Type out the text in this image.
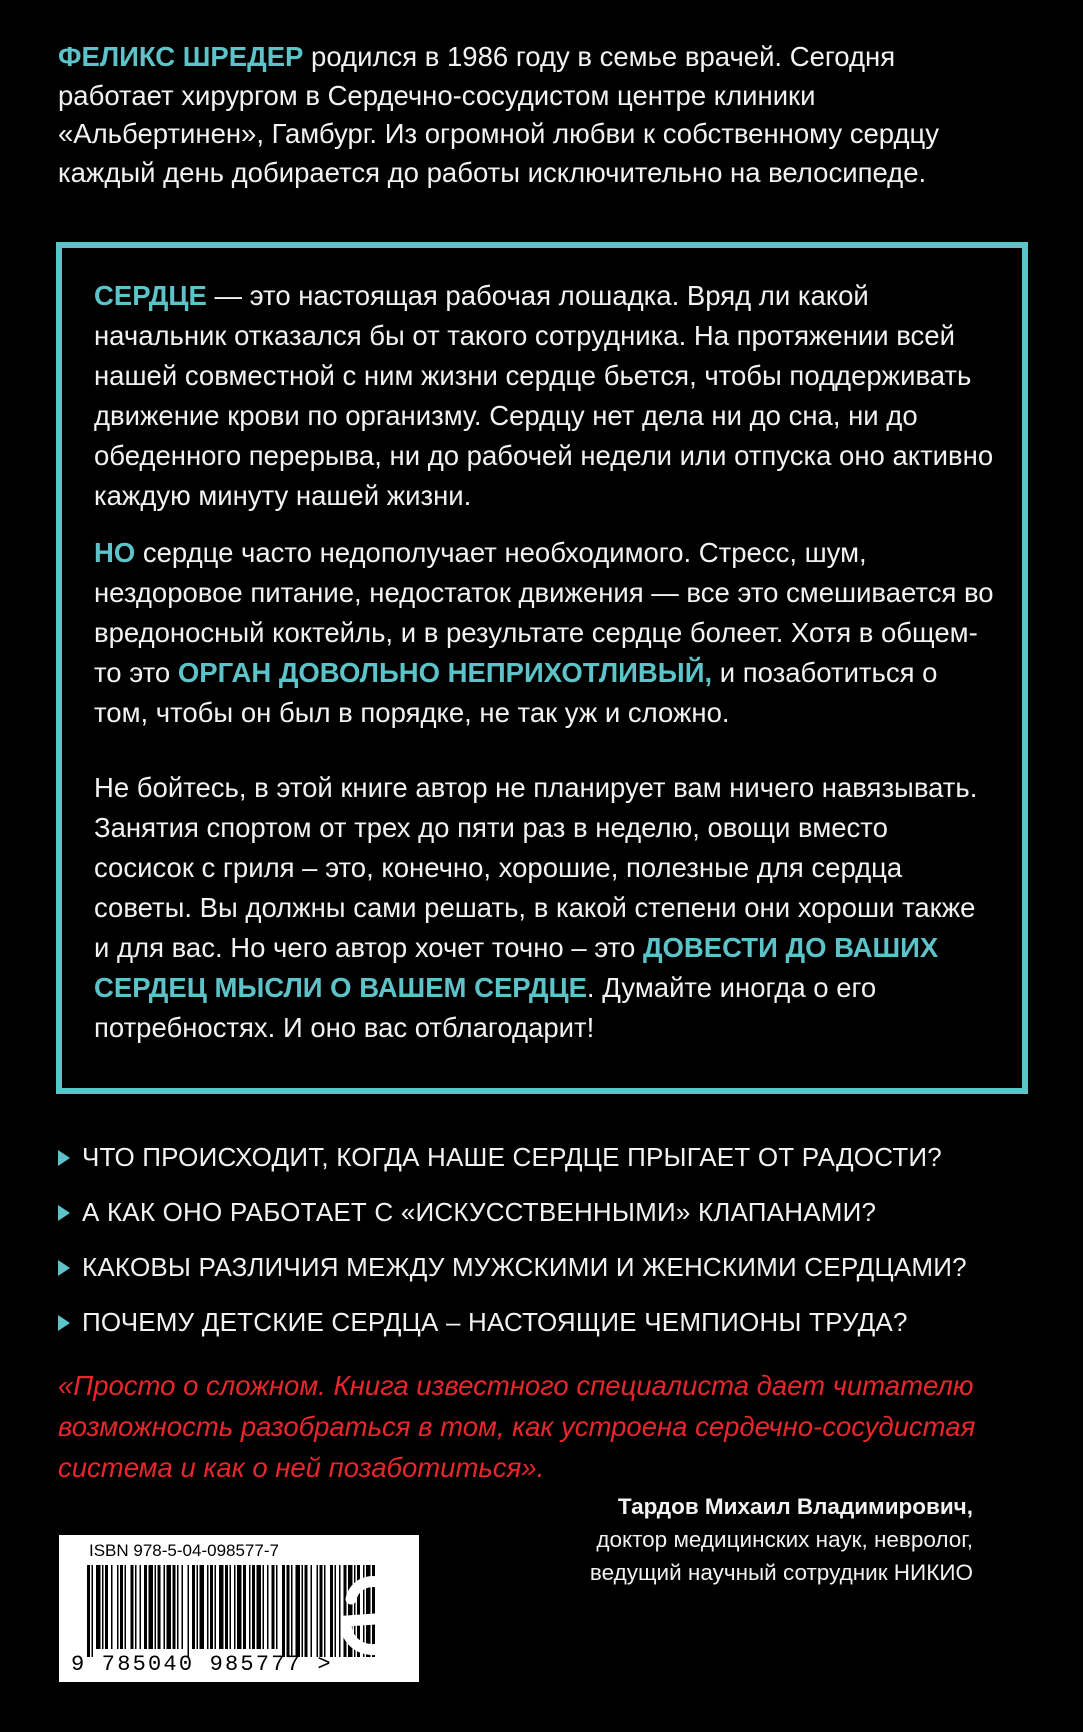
ФЕЛИКС ШРЕДЕР родился в 1986 году в семье врачей. Сегодня работает хирургом в Сердечно-сосудистом центре клиники «Альбертинен», Гамбург. Из огромной любви к собственному сердцу каждый день добирается до работы исключительно на велосипеде.
СЕРДЦЕ — это настоящая рабочая лошадка. Вряд ли какой начальник отказался бы от такого сотрудника. На протяжении всей нашей совместной с ним жизни сердце бьется, чтобы поддерживать движение крови по организму. Сердцу нет дела ни до сна, ни до обеденного перерыва, ни до рабочей недели или отпуска оно активно каждую минуту нашей жизни.
НО сердце часто недополучает необходимого. Стресс, шум, нездоровое питание, недостаток движения — все это смешивается во вредоносный коктейль, и в результате сердце болеет. Хотя в общем-то это ОРГАН ДОВОЛЬНО НЕПРИХОТЛИВЫЙ, и позаботиться о том, чтобы он был в порядке, не так уж и сложно.
Не бойтесь, в этой книге автор не планирует вам ничего навязывать. Занятия спортом от трех до пяти раз в неделю, овощи вместо сосисок с гриля – это, конечно, хорошие, полезные для сердца советы. Вы должны сами решать, в какой степени они хороши также и для вас. Но чего автор хочет точно – это ДОВЕСТИ ДО ВАШИХ СЕРДЕЦ МЫСЛИ О ВАШЕМ СЕРДЦЕ. Думайте иногда о его потребностях. И оно вас отблагодарит!
ЧТО ПРОИСХОДИТ, КОГДА НАШЕ СЕРДЦЕ ПРЫГАЕТ ОТ РАДОСТИ?
А КАК ОНО РАБОТАЕТ С «ИСКУССТВЕННЫМИ» КЛАПАНАМИ?
КАКОВЫ РАЗЛИЧИЯ МЕЖДУ МУЖСКИМИ И ЖЕНСКИМИ СЕРДЦАМИ?
ПОЧЕМУ ДЕТСКИЕ СЕРДЦА – НАСТОЯЩИЕ ЧЕМПИОНЫ ТРУДА?
«Просто о сложном. Книга известного специалиста дает читателю возможность разобраться в том, как устроена сердечно-сосудистая система и как о ней позаботиться».
Тардов Михаил Владимирович,
доктор медицинских наук, невролог,
ведущий научный сотрудник НИКИО
ISBN 978-5-04-098577-7
9 785040 985777 >
